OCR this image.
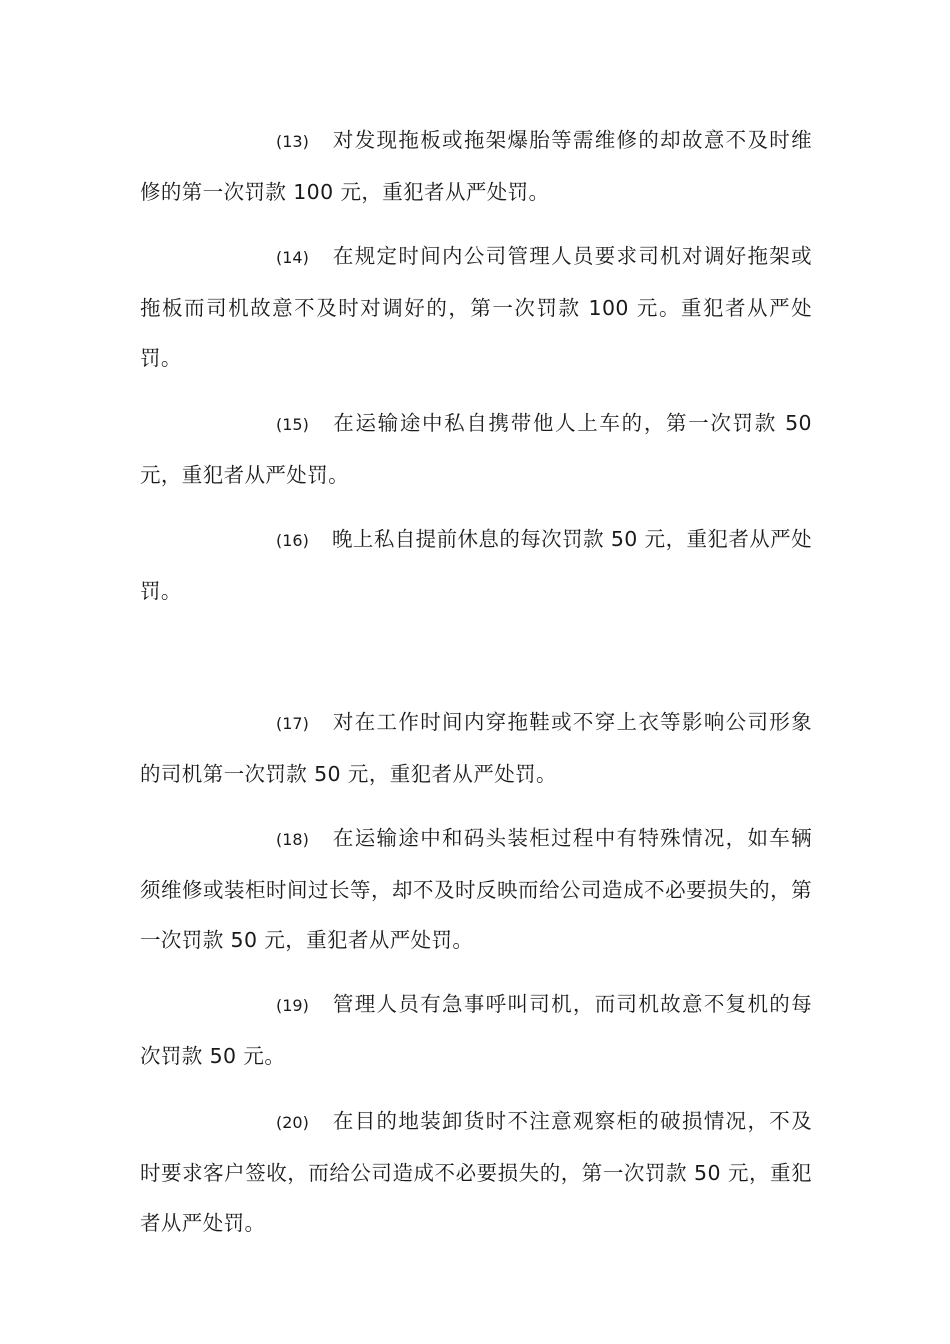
(13) 对发现拖板或拖架爆胎等需维修的却故意不及时维修的第一次罚款 100 元，重犯者从严处罚。
(14) 在规定时间内公司管理人员要求司机对调好拖架或拖板而司机故意不及时对调好的，第一次罚款 100 元。重犯者从严处罚。
(15) 在运输途中私自携带他人上车的，第一次罚款 50 元，重犯者从严处罚。
(16) 晚上私自提前休息的每次罚款 50 元，重犯者从严处罚。
(17) 对在工作时间内穿拖鞋或不穿上衣等影响公司形象的司机第一次罚款 50 元，重犯者从严处罚。
(18) 在运输途中和码头装柜过程中有特殊情况，如车辆须维修或装柜时间过长等，却不及时反映而给公司造成不必要损失的，第一次罚款 50 元，重犯者从严处罚。
(19) 管理人员有急事呼叫司机，而司机故意不复机的每次罚款 50 元。
(20) 在目的地装卸货时不注意观察柜的破损情况，不及时要求客户签收，而给公司造成不必要损失的，第一次罚款 50 元，重犯者从严处罚。
